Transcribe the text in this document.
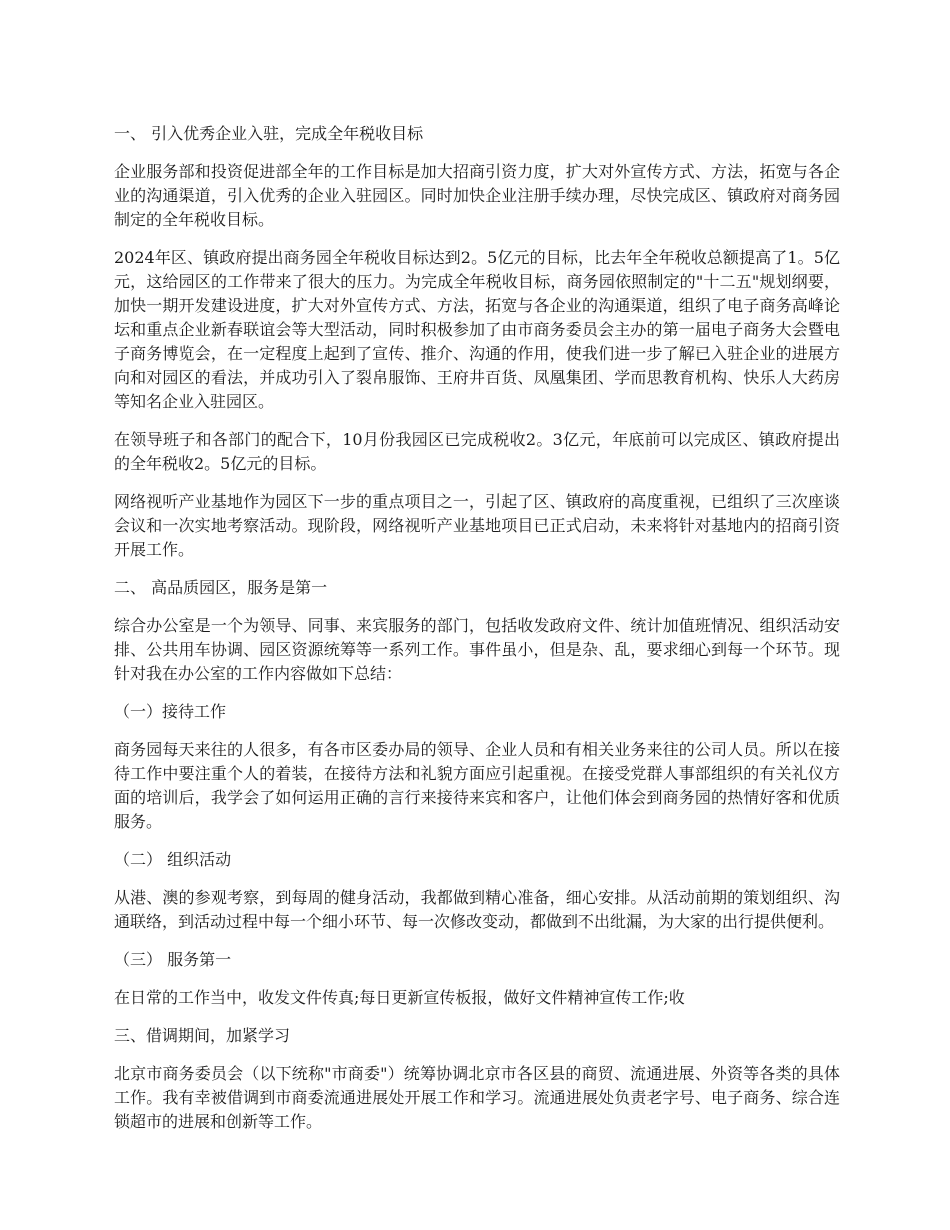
一、 引入优秀企业入驻，完成全年税收目标
企业服务部和投资促进部全年的工作目标是加大招商引资力度，扩大对外宣传方式、方法，拓宽与各企业的沟通渠道，引入优秀的企业入驻园区。同时加快企业注册手续办理，尽快完成区、镇政府对商务园制定的全年税收目标。
2024年区、镇政府提出商务园全年税收目标达到2。5亿元的目标，比去年全年税收总额提高了1。5亿元，这给园区的工作带来了很大的压力。为完成全年税收目标，商务园依照制定的"十二五"规划纲要，加快一期开发建设进度，扩大对外宣传方式、方法，拓宽与各企业的沟通渠道，组织了电子商务高峰论坛和重点企业新春联谊会等大型活动，同时积极参加了由市商务委员会主办的第一届电子商务大会暨电子商务博览会，在一定程度上起到了宣传、推介、沟通的作用，使我们进一步了解已入驻企业的进展方向和对园区的看法，并成功引入了裂帛服饰、王府井百货、凤凰集团、学而思教育机构、快乐人大药房等知名企业入驻园区。
在领导班子和各部门的配合下，10月份我园区已完成税收2。3亿元，年底前可以完成区、镇政府提出的全年税收2。5亿元的目标。
网络视听产业基地作为园区下一步的重点项目之一，引起了区、镇政府的高度重视，已组织了三次座谈会议和一次实地考察活动。现阶段，网络视听产业基地项目已正式启动，未来将针对基地内的招商引资开展工作。
二、 高品质园区，服务是第一
综合办公室是一个为领导、同事、来宾服务的部门，包括收发政府文件、统计加值班情况、组织活动安排、公共用车协调、园区资源统筹等一系列工作。事件虽小，但是杂、乱，要求细心到每一个环节。现针对我在办公室的工作内容做如下总结：
（一）接待工作
商务园每天来往的人很多，有各市区委办局的领导、企业人员和有相关业务来往的公司人员。所以在接待工作中要注重个人的着装，在接待方法和礼貌方面应引起重视。在接受党群人事部组织的有关礼仪方面的培训后，我学会了如何运用正确的言行来接待来宾和客户，让他们体会到商务园的热情好客和优质服务。
（二） 组织活动
从港、澳的参观考察，到每周的健身活动，我都做到精心准备，细心安排。从活动前期的策划组织、沟通联络，到活动过程中每一个细小环节、每一次修改变动，都做到不出纰漏，为大家的出行提供便利。
（三） 服务第一
在日常的工作当中，收发文件传真;每日更新宣传板报，做好文件精神宣传工作;收
三、借调期间，加紧学习
北京市商务委员会（以下统称"市商委"）统筹协调北京市各区县的商贸、流通进展、外资等各类的具体工作。我有幸被借调到市商委流通进展处开展工作和学习。流通进展处负责老字号、电子商务、综合连锁超市的进展和创新等工作。
